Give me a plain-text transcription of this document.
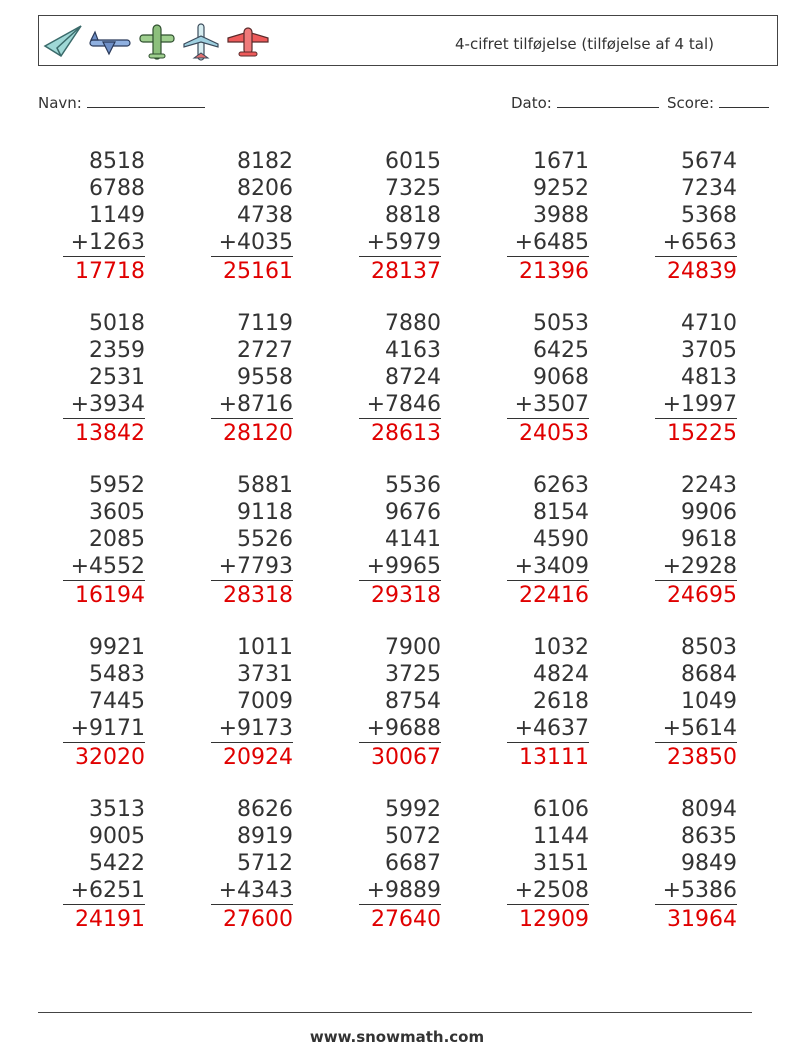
4-cifret tilføjelse (tilføjelse af 4 tal)
Navn:	Dato:	Score:
8518
6788
1149
+1263
17718
8182
8206
4738
+4035
25161
6015
7325
8818
+5979
28137
1671
9252
3988
+6485
21396
5674
7234
5368
+6563
24839
5018
2359
2531
+3934
13842
7119
2727
9558
+8716
28120
7880
4163
8724
+7846
28613
5053
6425
9068
+3507
24053
4710
3705
4813
+1997
15225
5952
3605
2085
+4552
16194
5881
9118
5526
+7793
28318
5536
9676
4141
+9965
29318
6263
8154
4590
+3409
22416
2243
9906
9618
+2928
24695
9921
5483
7445
+9171
32020
1011
3731
7009
+9173
20924
7900
3725
8754
+9688
30067
1032
4824
2618
+4637
13111
8503
8684
1049
+5614
23850
3513
9005
5422
+6251
24191
8626
8919
5712
+4343
27600
5992
5072
6687
+9889
27640
6106
1144
3151
+2508
12909
8094
8635
9849
+5386
31964
www.snowmath.com
